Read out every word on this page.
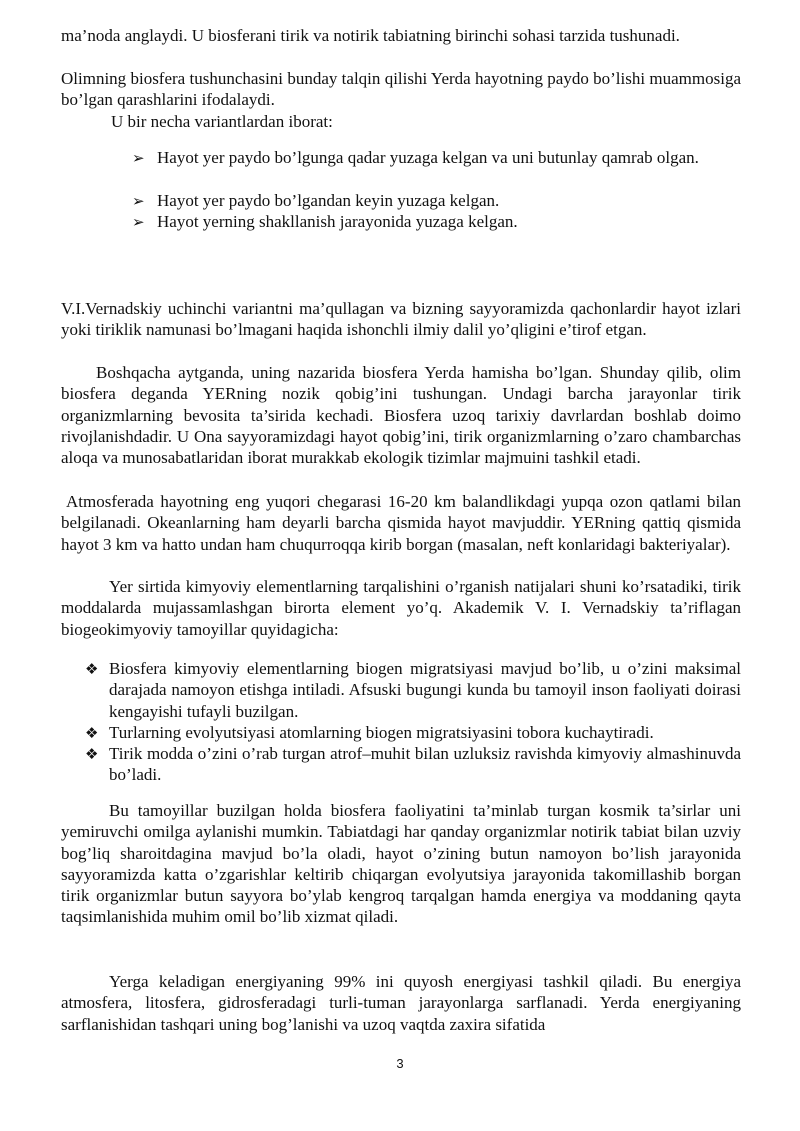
ma’noda anglaydi. U biosferani tirik va notirik tabiatning birinchi sohasi tarzida tushunadi.

Olimning biosfera tushunchasini bunday talqin qilishi Yerda hayotning paydo bo’lishi muammosiga bo’lgan qarashlarini ifodalaydi.

U bir necha variantlardan iborat:

➢ Hayot yer paydo bo’lgunga qadar yuzaga kelgan va uni butunlay qamrab olgan.

➢ Hayot yer paydo bo’lgandan keyin yuzaga kelgan.

➢ Hayot yerning shakllanish jarayonida yuzaga kelgan.

V.I.Vernadskiy uchinchi variantni ma’qullagan va bizning sayyoramizda qachonlardir hayot izlari yoki tiriklik namunasi bo’lmagani haqida ishonchli ilmiy dalil yo’qligini e’tirof etgan.

Boshqacha aytganda, uning nazarida biosfera Yerda hamisha bo’lgan. Shunday qilib, olim biosfera deganda YERning nozik qobig’ini tushungan. Undagi barcha jarayonlar tirik organizmlarning bevosita ta’sirida kechadi. Biosfera uzoq tarixiy davrlardan boshlab doimo rivojlanishdadir. U Ona sayyoramizdagi hayot qobig’ini, tirik organizmlarning o’zaro chambarchas aloqa va munosabatlaridan iborat murakkab ekologik tizimlar majmuini tashkil etadi.

Atmosferada hayotning eng yuqori chegarasi 16-20 km balandlikdagi yupqa ozon qatlami bilan belgilanadi. Okeanlarning ham deyarli barcha qismida hayot mavjuddir. YERning qattiq qismida hayot 3 km va hatto undan ham chuqurroqqa kirib borgan (masalan, neft konlaridagi bakteriyalar).

Yer sirtida kimyoviy elementlarning tarqalishini o’rganish natijalari shuni ko’rsatadiki, tirik moddalarda mujassamlashgan birorta element yo’q. Akademik V. I. Vernadskiy ta’riflagan biogeokimyoviy tamoyillar quyidagicha:

❖ Biosfera kimyoviy elementlarning biogen migratsiyasi mavjud bo’lib, u o’zini maksimal darajada namoyon etishga intiladi. Afsuski bugungi kunda bu tamoyil inson faoliyati doirasi kengayishi tufayli buzilgan.

❖ Turlarning evolyutsiyasi atomlarning biogen migratsiyasini tobora kuchaytiradi.

❖ Tirik modda o’zini o’rab turgan atrof–muhit bilan uzluksiz ravishda kimyoviy almashinuvda bo’ladi.

Bu tamoyillar buzilgan holda biosfera faoliyatini ta’minlab turgan kosmik ta’sirlar uni yemiruvchi omilga aylanishi mumkin. Tabiatdagi har qanday organizmlar notirik tabiat bilan uzviy bog’liq sharoitdagina mavjud bo’la oladi, hayot o’zining butun namoyon bo’lish jarayonida sayyoramizda katta o’zgarishlar keltirib chiqargan evolyutsiya jarayonida takomillashib borgan tirik organizmlar butun sayyora bo’ylab kengroq tarqalgan hamda energiya va moddaning qayta taqsimlanishida muhim omil bo’lib xizmat qiladi.

Yerga keladigan energiyaning 99% ini quyosh energiyasi tashkil qiladi. Bu energiya atmosfera, litosfera, gidrosferadagi turli-tuman jarayonlarga sarflanadi. Yerda energiyaning sarflanishidan tashqari uning bog’lanishi va uzoq vaqtda zaxira sifatida

3
